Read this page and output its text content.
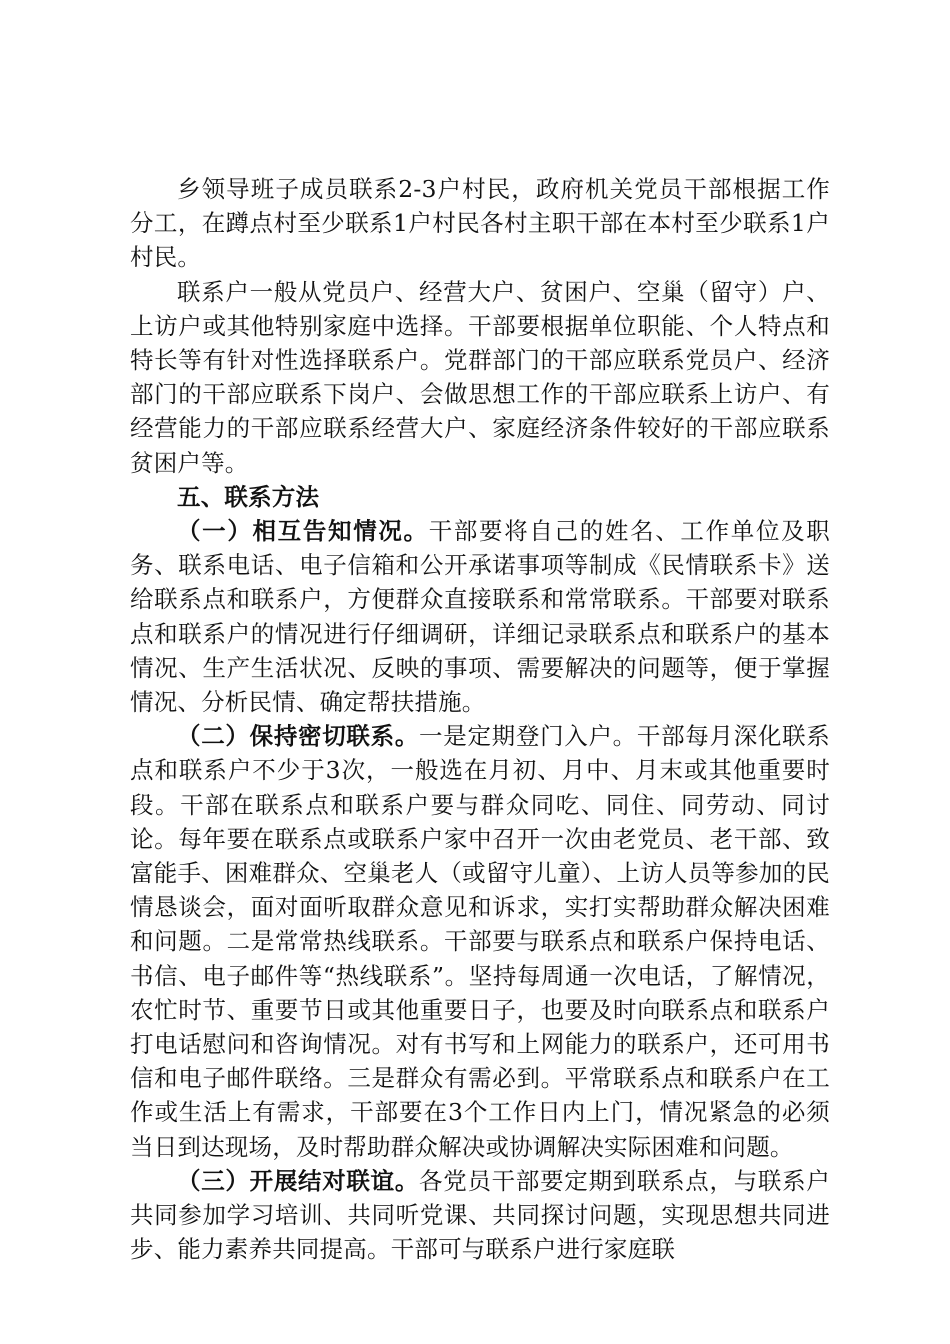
乡领导班子成员联系2-3户村民，政府机关党员干部根据工作分工，在蹲点村至少联系1户村民各村主职干部在本村至少联系1户村民。

联系户一般从党员户、经营大户、贫困户、空巢（留守）户、上访户或其他特别家庭中选择。干部要根据单位职能、个人特点和特长等有针对性选择联系户。党群部门的干部应联系党员户、经济部门的干部应联系下岗户、会做思想工作的干部应联系上访户、有经营能力的干部应联系经营大户、家庭经济条件较好的干部应联系贫困户等。

五、联系方法

（一）相互告知情况。干部要将自己的姓名、工作单位及职务、联系电话、电子信箱和公开承诺事项等制成《民情联系卡》送给联系点和联系户，方便群众直接联系和常常联系。干部要对联系点和联系户的情况进行仔细调研，详细记录联系点和联系户的基本情况、生产生活状况、反映的事项、需要解决的问题等，便于掌握情况、分析民情、确定帮扶措施。

（二）保持密切联系。一是定期登门入户。干部每月深化联系点和联系户不少于3次，一般选在月初、月中、月末或其他重要时段。干部在联系点和联系户要与群众同吃、同住、同劳动、同讨论。每年要在联系点或联系户家中召开一次由老党员、老干部、致富能手、困难群众、空巢老人（或留守儿童）、上访人员等参加的民情恳谈会，面对面听取群众意见和诉求，实打实帮助群众解决困难和问题。二是常常热线联系。干部要与联系点和联系户保持电话、书信、电子邮件等“热线联系”。坚持每周通一次电话，了解情况，农忙时节、重要节日或其他重要日子，也要及时向联系点和联系户打电话慰问和咨询情况。对有书写和上网能力的联系户，还可用书信和电子邮件联络。三是群众有需必到。平常联系点和联系户在工作或生活上有需求，干部要在3个工作日内上门，情况紧急的必须当日到达现场，及时帮助群众解决或协调解决实际困难和问题。

（三）开展结对联谊。各党员干部要定期到联系点，与联系户共同参加学习培训、共同听党课、共同探讨问题，实现思想共同进步、能力素养共同提高。干部可与联系户进行家庭联
